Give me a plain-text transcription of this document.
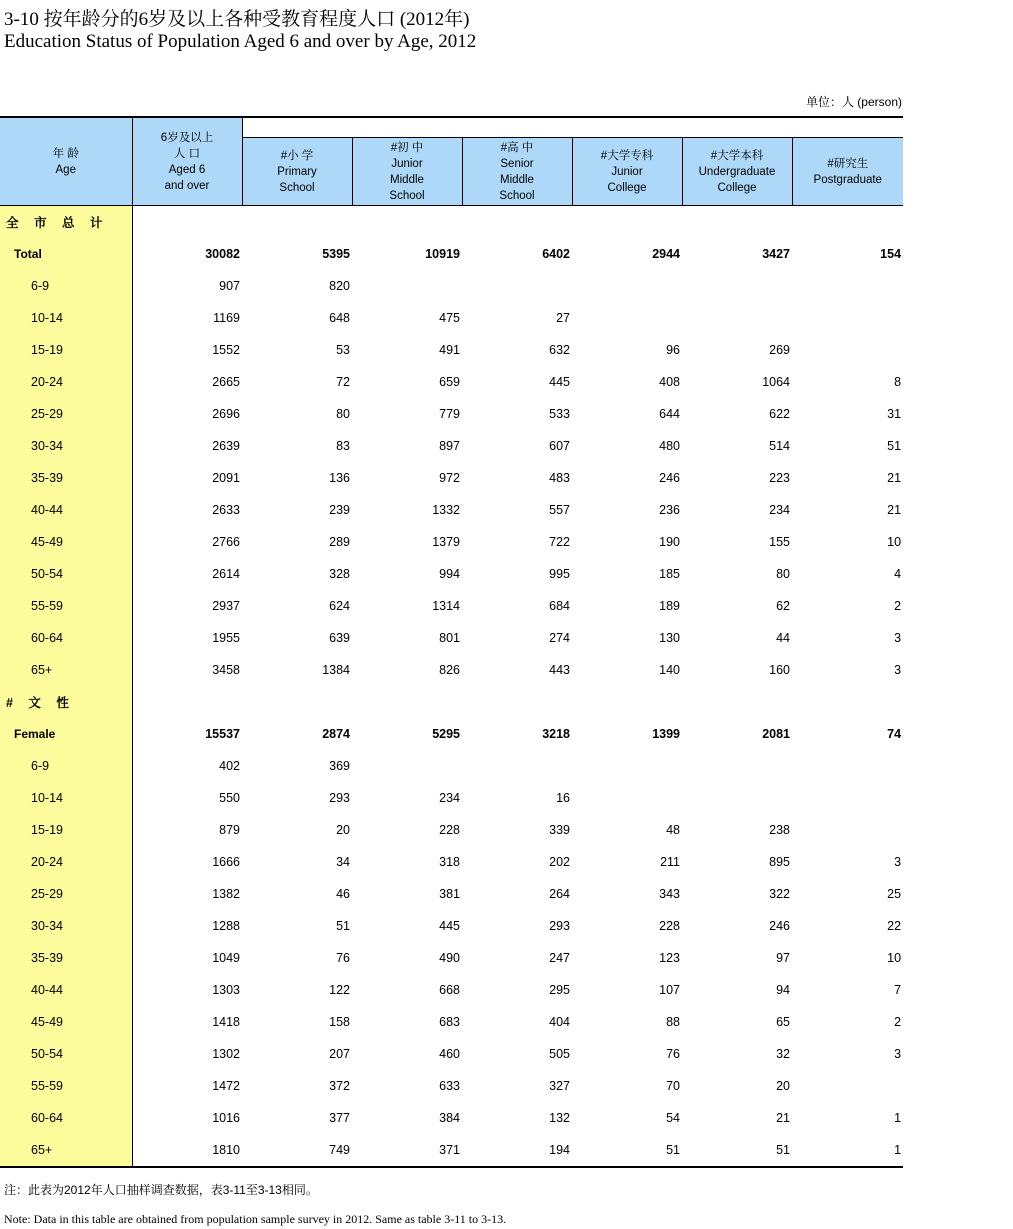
3-10 按年龄分的6岁及以上各种受教育程度人口 (2012年)
Education Status of Population Aged 6 and over by Age, 2012
单位：人 (person)
年 龄
Age	6岁及以上
人 口
Aged 6
and over						

		#小 学
Primary
School	#初 中
Junior
Middle
School	#高 中
Senior
Middle
School	#大学专科
Junior
College	#大学本科
Undergraduate
College	#研究生
Postgraduate

全 市 总 计							
Total	30082	5395	10919	6402	2944	3427	154
6-9	907	820					
10-14	1169	648	475	27			
15-19	1552	53	491	632	96	269	
20-24	2665	72	659	445	408	1064	8
25-29	2696	80	779	533	644	622	31
30-34	2639	83	897	607	480	514	51
35-39	2091	136	972	483	246	223	21
40-44	2633	239	1332	557	236	234	21
45-49	2766	289	1379	722	190	155	10
50-54	2614	328	994	995	185	80	4
55-59	2937	624	1314	684	189	62	2
60-64	1955	639	801	274	130	44	3
65+	3458	1384	826	443	140	160	3
# 文 性							
Female	15537	2874	5295	3218	1399	2081	74
6-9	402	369					
10-14	550	293	234	16			
15-19	879	20	228	339	48	238	
20-24	1666	34	318	202	211	895	3
25-29	1382	46	381	264	343	322	25
30-34	1288	51	445	293	228	246	22
35-39	1049	76	490	247	123	97	10
40-44	1303	122	668	295	107	94	7
45-49	1418	158	683	404	88	65	2
50-54	1302	207	460	505	76	32	3
55-59	1472	372	633	327	70	20	
60-64	1016	377	384	132	54	21	1
65+	1810	749	371	194	51	51	1
注：此表为2012年人口抽样调查数据，表3-11至3-13相同。
Note: Data in this table are obtained from population sample survey in 2012. Same as table 3-11 to 3-13.
